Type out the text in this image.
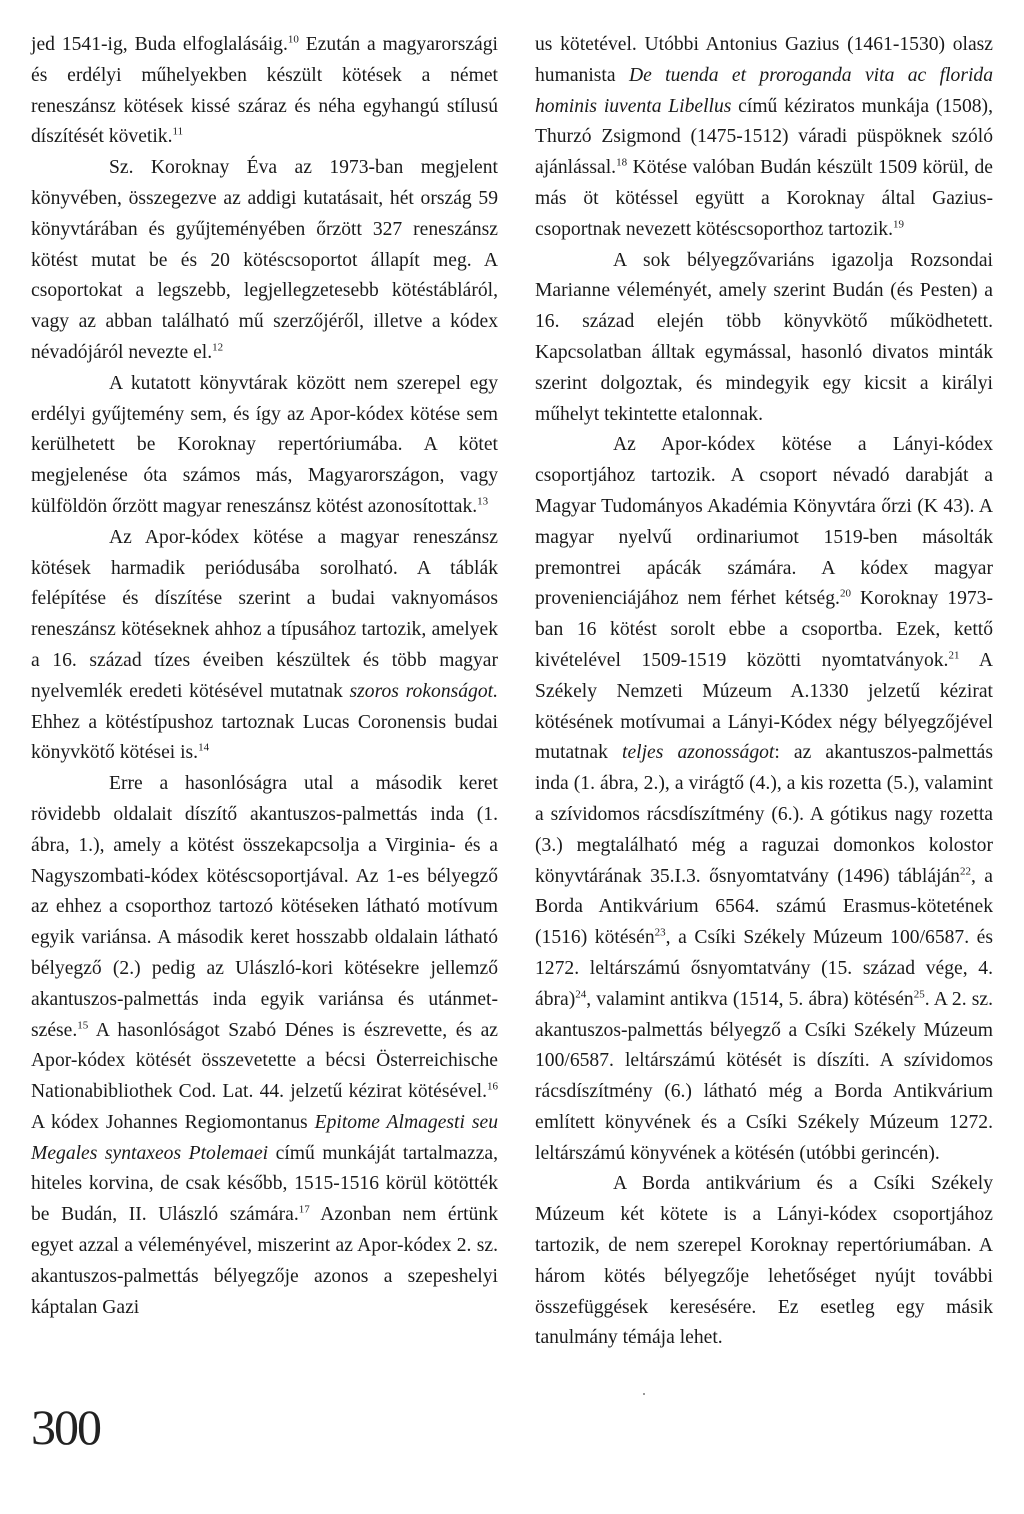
jed 1541-ig, Buda elfoglalásáig.$^{10}$ Ezután a magyarországi és erdélyi műhelyekben készült kötések a német reneszánsz kötések kissé száraz és néha egyhangú stílusú díszítését követik.$^{11}$

Sz. Koroknay Éva az 1973-ban megjelent könyvében, összegezve az addigi kutatásait, hét ország 59 könyvtárában és gyűjteményében őrzött 327 reneszánsz kötést mutat be és 20 kötéscsoportot állapít meg. A csoportokat a legszebb, legjellegzetesebb kötéstábláról, vagy az abban található mű szerzőjéről, illetve a kódex névadójáról nevezte el.$^{12}$

A kutatott könyvtárak között nem szerepel egy erdélyi gyűjtemény sem, és így az Apor-kódex kötése sem kerülhetett be Koroknay repertóriumába. A kötet megjelenése óta számos más, Magyarországon, vagy külföldön őrzött magyar reneszánsz kötést azonosítottak.$^{13}$

Az Apor-kódex kötése a magyar reneszánsz kötések harmadik periódusába sorolható. A táblák felépítése és díszítése szerint a budai vaknyomásos reneszánsz kötéseknek ahhoz a típusához tartozik, amelyek a 16. század tízes éveiben készültek és több magyar nyelvemlék eredeti kötésével mutatnak szoros rokonságot. Ehhez a kötéstípushoz tartoznak Lucas Coronensis budai könyvkötő kötései is.$^{14}$

Erre a hasonlóságra utal a második keret rövidebb oldalait díszítő akantuszos-palmettás inda (1. ábra, 1.), amely a kötést összekapcsolja a Virginia- és a Nagyszombati-kódex kötéscsoportjával. Az 1-es bélyegző az ehhez a csoporthoz tartozó kötéseken látható motívum egyik variánsa. A második keret hosszabb oldalain látható bélyegző (2.) pedig az Ulászló-kori kötésekre jellemző akantuszos-palmettás inda egyik variánsa és utánmetszése.$^{15}$ A hasonlóságot Szabó Dénes is észrevette, és az Apor-kódex kötését összevetette a bécsi Österreichische Nationabibliothek Cod. Lat. 44. jelzetű kézirat kötésével.$^{16}$ A kódex Johannes Regiomontanus Epitome Almagesti seu Megales syntaxeos Ptolemaei című munkáját tartalmazza, hiteles korvina, de csak később, 1515-1516 körül kötötték be Budán, II. Ulászló számára.$^{17}$ Azonban nem értünk egyet azzal a véleményével, miszerint az Apor-kódex 2. sz. akantuszos-palmettás bélyegzője azonos a szepeshelyi káptalan Gazi

us kötetével. Utóbbi Antonius Gazius (1461-1530) olasz humanista De tuenda et proroganda vita ac florida hominis iuventa Libellus című kéziratos munkája (1508), Thurzó Zsigmond (1475-1512) váradi püspöknek szóló ajánlással.$^{18}$ Kötése valóban Budán készült 1509 körül, de más öt kötéssel együtt a Koroknay által Gazius-csoportnak nevezett kötéscsoporthoz tartozik.$^{19}$

A sok bélyegzővariáns igazolja Rozsondai Marianne véleményét, amely szerint Budán (és Pesten) a 16. század elején több könyvkötő működhetett. Kapcsolatban álltak egymással, hasonló divatos minták szerint dolgoztak, és mindegyik egy kicsit a királyi műhelyt tekintette etalonnak.

Az Apor-kódex kötése a Lányi-kódex csoportjához tartozik. A csoport névadó darabját a Magyar Tudományos Akadémia Könyvtára őrzi (K 43). A magyar nyelvű ordinariumot 1519-ben másolták premontrei apácák számára. A kódex magyar provenienciájához nem férhet kétség.$^{20}$ Koroknay 1973-ban 16 kötést sorolt ebbe a csoportba. Ezek, kettő kivételével 1509-1519 közötti nyomtatványok.$^{21}$ A Székely Nemzeti Múzeum A.1330 jelzetű kézirat kötésének motívumai a Lányi-Kódex négy bélyegzőjével mutatnak teljes azonosságot: az akantuszos-palmettás inda (1. ábra, 2.), a virágtő (4.), a kis rozetta (5.), valamint a szívidomos rácsdíszítmény (6.). A gótikus nagy rozetta (3.) megtalálható még a raguzai domonkos kolostor könyvtárának 35.I.3. ősnyomtatvány (1496) tábláján$^{22}$, a Borda Antikvárium 6564. számú Erasmus-kötetének (1516) kötésén$^{23}$, a Csíki Székely Múzeum 100/6587. és 1272. leltárszámú ősnyomtatvány (15. század vége, 4. ábra)$^{24}$, valamint antikva (1514, 5. ábra) kötésén$^{25}$. A 2. sz. akantuszos-palmettás bélyegző a Csíki Székely Múzeum 100/6587. leltárszámú kötését is díszíti. A szívidomos rácsdíszítmény (6.) látható még a Borda Antikvárium említett könyvének és a Csíki Székely Múzeum 1272. leltárszámú könyvének a kötésén (utóbbi gerincén).

A Borda antikvárium és a Csíki Székely Múzeum két kötete is a Lányi-kódex csoportjához tartozik, de nem szerepel Koroknay repertóriumában. A három kötés bélyegzője lehetőséget nyújt további összefüggések keresésére. Ez esetleg egy másik tanulmány témája lehet.

300
